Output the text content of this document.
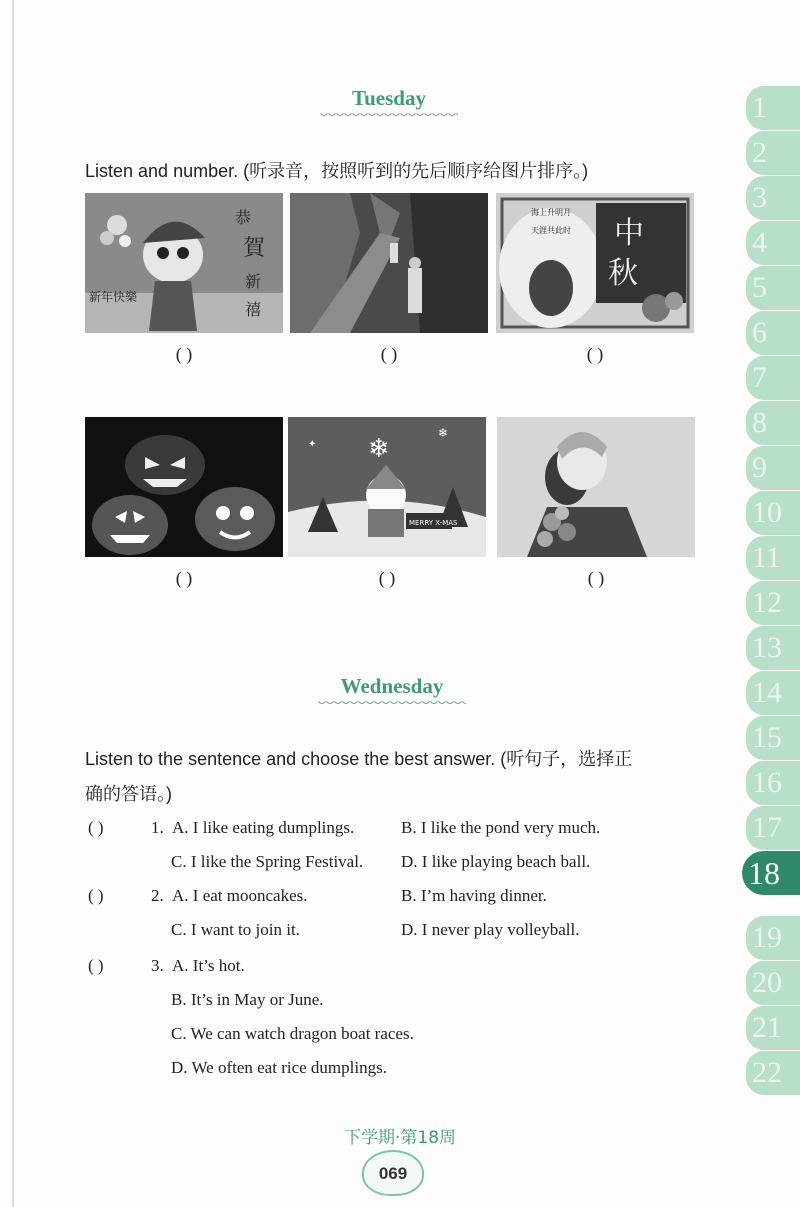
Tuesday
Listen and number. (听录音，按照听到的先后顺序给图片排序。)
恭
賀
新
禧
新年快樂
( )	( )
中
秋
海上升明月
天涯共此时
( )
( )
❄
❄
✦
MERRY X-MAS
( )	( )
Wednesday
Listen to the sentence and choose the best answer. (听句子，选择正
确的答语。)
( )	1. A. I like eating dumplings.	B. I like the pond very much.
C. I like the Spring Festival. D. I like playing beach ball.
( )	2. A. I eat mooncakes.	B. I’m having dinner.
C. I want to join it.	D. I never play volleyball.
( )	3. A. It’s hot.
B. It’s in May or June.
C. We can watch dragon boat races.
D. We often eat rice dumplings.
1
2
3
4
5
6
7
8
9
10
11
12
13
14
15
16
17
18
19
20
21
22
下学期·第18周
069
